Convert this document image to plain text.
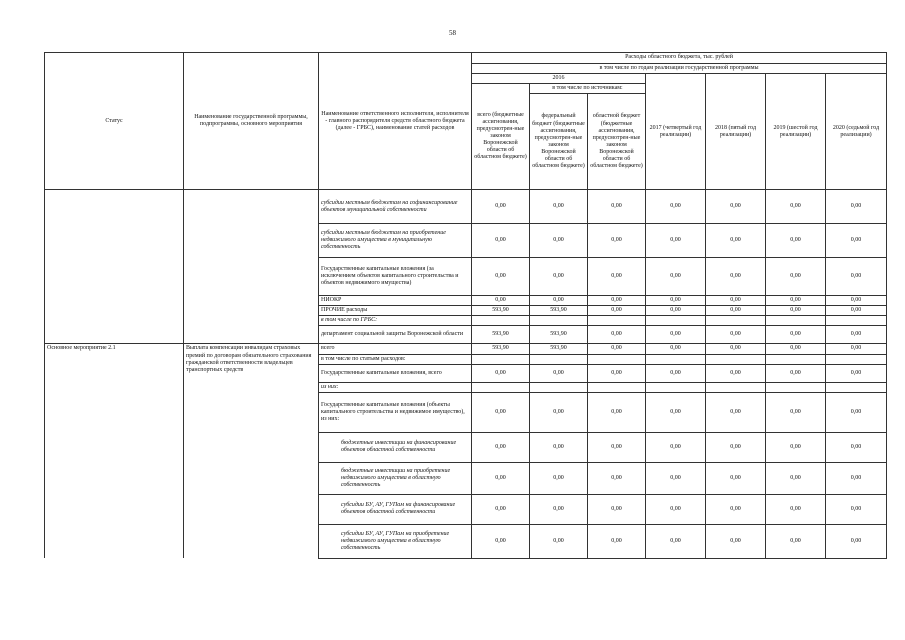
58
Статус	Наименование государственной программы, подпрограммы, основного мероприятия	Наименование ответственного исполнителя, исполнителя - главного распорядителя средств областного бюджета (далее - ГРБС), наименование статей расходов	Расходы областного бюджета, тыс. рублей						
			в том числе по годам реализации государственной программы						
			2016			2017 (четвертый год реализации)	2018 (пятый год реализации)	2019 (шестой год реализации)	2020 (седьмой год реализации)
			всего (бюджетные ассигнования, предусмотрен-ные законом Воронежской области об областном бюджете)	в том числе по источникам:					
				федеральный бюджет (бюджетные ассигнования, предусмотрен-ные законом Воронежской области об областном бюджете)	областной бюджет (бюджетные ассигнования, предусмотрен-ные законом Воронежской области об областном бюджете)				
		субсидии местным бюджетам на софинансирование объектов муниципальной собственности	0,00	0,00	0,00	0,00	0,00	0,00	0,00
		субсидии местным бюджетам на приобретение недвижимого имущества в муниципальную собственность	0,00	0,00	0,00	0,00	0,00	0,00	0,00
		Государственные капитальные вложения (за исключением объектов капитального строительства и объектов недвижимого имущества)	0,00	0,00	0,00	0,00	0,00	0,00	0,00
		НИОКР	0,00	0,00	0,00	0,00	0,00	0,00	0,00
		ПРОЧИЕ расходы	593,90	593,90	0,00	0,00	0,00	0,00	0,00
		в том числе по ГРБС:							
		департамент социальной защиты Воронежской области	593,90	593,90	0,00	0,00	0,00	0,00	0,00
Основное мероприятие 2.1	Выплата компенсации инвалидам страховых премий по договорам обязательного страхования гражданской ответственности владельцев транспортных средств	всего	593,90	593,90	0,00	0,00	0,00	0,00	0,00
		в том числе по статьям расходов:							
		Государственные капитальные вложения, всего	0,00	0,00	0,00	0,00	0,00	0,00	0,00
		из них:							
		Государственные капитальные вложения (объекты капитального строительства и недвижимое имущество), из них:	0,00	0,00	0,00	0,00	0,00	0,00	0,00
		бюджетные инвестиции на финансирование объектов областной собственности	0,00	0,00	0,00	0,00	0,00	0,00	0,00
		бюджетные инвестиции на приобретение недвижимого имущества в областную собственность	0,00	0,00	0,00	0,00	0,00	0,00	0,00
		субсидии БУ, АУ, ГУПам на финансирование объектов областной собственности	0,00	0,00	0,00	0,00	0,00	0,00	0,00
		субсидии БУ, АУ, ГУПам на приобретение недвижимого имущества в областную собственность	0,00	0,00	0,00	0,00	0,00	0,00	0,00
